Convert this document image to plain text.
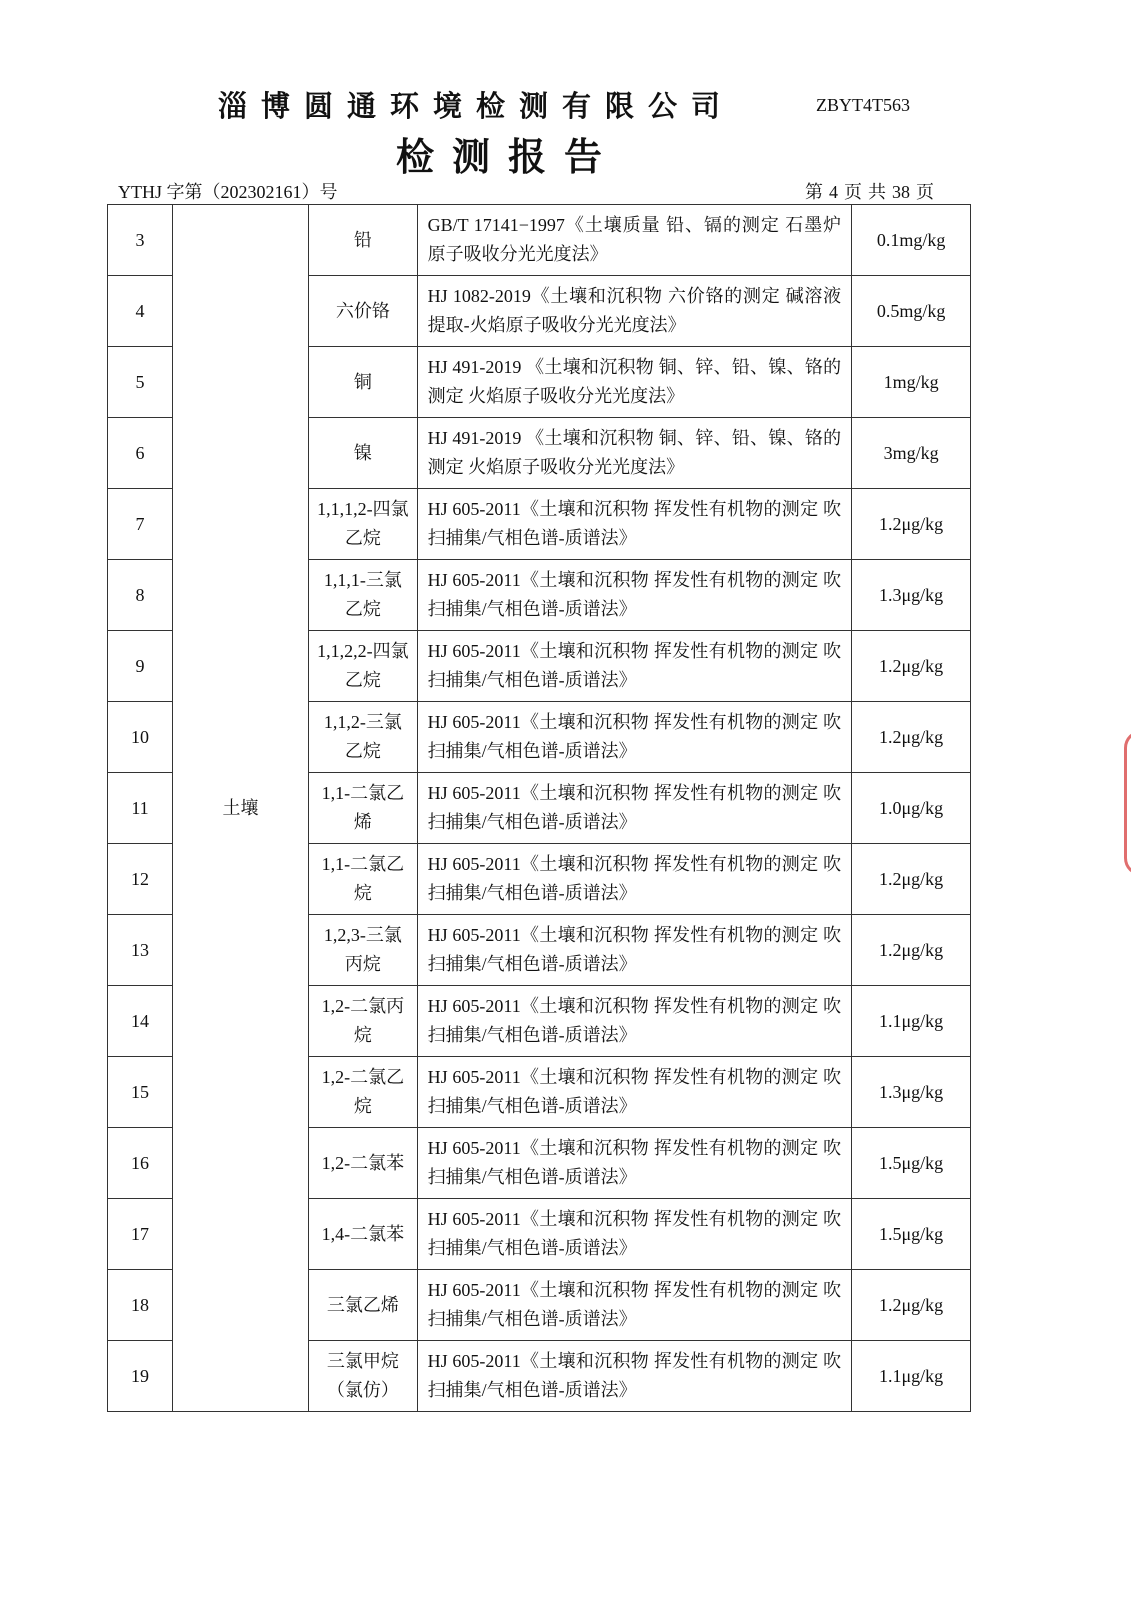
淄博圆通环境检测有限公司	ZBYT4T563
检测报告
YTHJ 字第（202302161）号	第 4 页 共 38 页
3	土壤	铅	GB/T 17141−1997《土壤质量 铅、镉的测定 石墨炉原子吸收分光光度法》	0.1mg/kg
4		六价铬	HJ 1082-2019《土壤和沉积物 六价铬的测定 碱溶液提取-火焰原子吸收分光光度法》	0.5mg/kg
5		铜	HJ 491-2019 《土壤和沉积物 铜、锌、铅、镍、铬的测定 火焰原子吸收分光光度法》	1mg/kg
6		镍	HJ 491-2019 《土壤和沉积物 铜、锌、铅、镍、铬的测定 火焰原子吸收分光光度法》	3mg/kg
7		1,1,1,2-四氯乙烷	HJ 605-2011《土壤和沉积物 挥发性有机物的测定 吹扫捕集/气相色谱-质谱法》	1.2μg/kg
8		1,1,1-三氯乙烷	HJ 605-2011《土壤和沉积物 挥发性有机物的测定 吹扫捕集/气相色谱-质谱法》	1.3μg/kg
9		1,1,2,2-四氯乙烷	HJ 605-2011《土壤和沉积物 挥发性有机物的测定 吹扫捕集/气相色谱-质谱法》	1.2μg/kg
10		1,1,2-三氯乙烷	HJ 605-2011《土壤和沉积物 挥发性有机物的测定 吹扫捕集/气相色谱-质谱法》	1.2μg/kg
11		1,1-二氯乙烯	HJ 605-2011《土壤和沉积物 挥发性有机物的测定 吹扫捕集/气相色谱-质谱法》	1.0μg/kg
12		1,1-二氯乙烷	HJ 605-2011《土壤和沉积物 挥发性有机物的测定 吹扫捕集/气相色谱-质谱法》	1.2μg/kg
13		1,2,3-三氯丙烷	HJ 605-2011《土壤和沉积物 挥发性有机物的测定 吹扫捕集/气相色谱-质谱法》	1.2μg/kg
14		1,2-二氯丙烷	HJ 605-2011《土壤和沉积物 挥发性有机物的测定 吹扫捕集/气相色谱-质谱法》	1.1μg/kg
15		1,2-二氯乙烷	HJ 605-2011《土壤和沉积物 挥发性有机物的测定 吹扫捕集/气相色谱-质谱法》	1.3μg/kg
16		1,2-二氯苯	HJ 605-2011《土壤和沉积物 挥发性有机物的测定 吹扫捕集/气相色谱-质谱法》	1.5μg/kg
17		1,4-二氯苯	HJ 605-2011《土壤和沉积物 挥发性有机物的测定 吹扫捕集/气相色谱-质谱法》	1.5μg/kg
18		三氯乙烯	HJ 605-2011《土壤和沉积物 挥发性有机物的测定 吹扫捕集/气相色谱-质谱法》	1.2μg/kg
19		三氯甲烷（氯仿）	HJ 605-2011《土壤和沉积物 挥发性有机物的测定 吹扫捕集/气相色谱-质谱法》	1.1μg/kg
